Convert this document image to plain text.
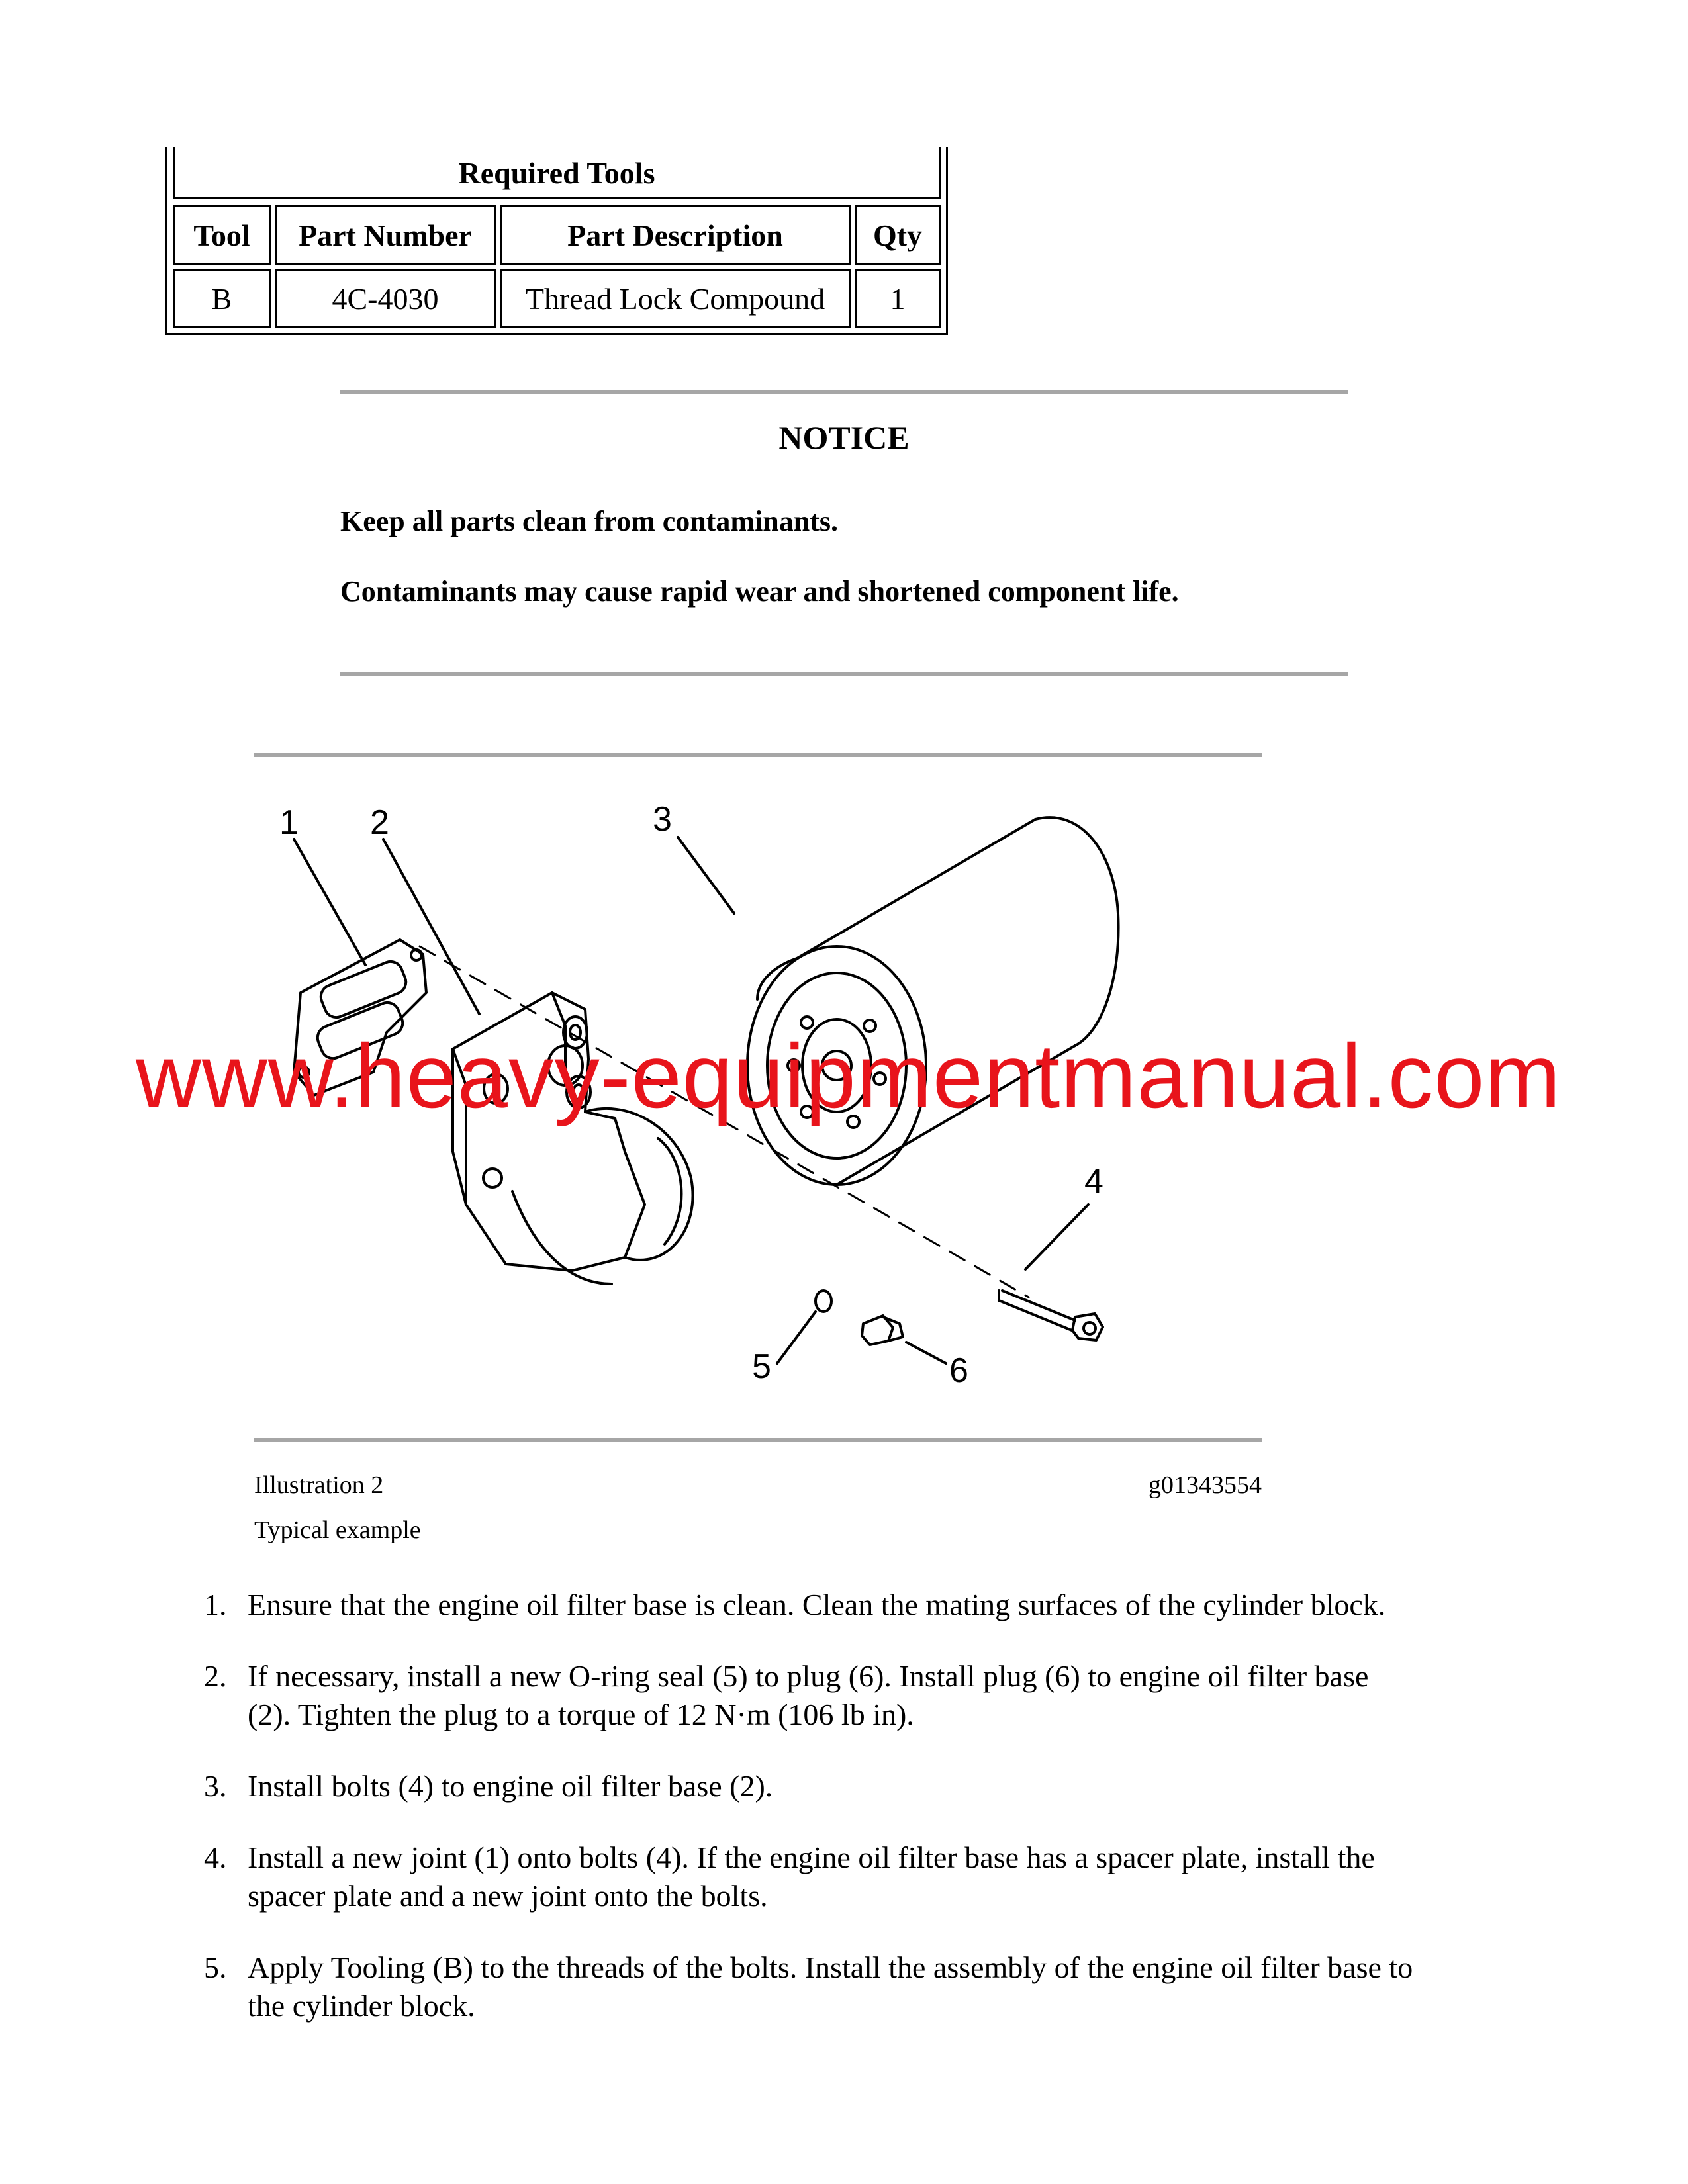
Required Tools
Tool	Part Number	Part Description	Qty
B	4C-4030	Thread Lock Compound	1
NOTICE
Keep all parts clean from contaminants.
Contaminants may cause rapid wear and shortened component life.
1 2	3
4
5	6
www.heavy-equipmentmanual.com
Illustration 2	g01343554
Typical example
1. Ensure that the engine oil filter base is clean. Clean the mating surfaces of the cylinder block.
2. If necessary, install a new O-ring seal (5) to plug (6). Install plug (6) to engine oil filter base
(2). Tighten the plug to a torque of 12 N·m (106 lb in).
3. Install bolts (4) to engine oil filter base (2).
4. Install a new joint (1) onto bolts (4). If the engine oil filter base has a spacer plate, install the
spacer plate and a new joint onto the bolts.
5. Apply Tooling (B) to the threads of the bolts. Install the assembly of the engine oil filter base to
the cylinder block.
